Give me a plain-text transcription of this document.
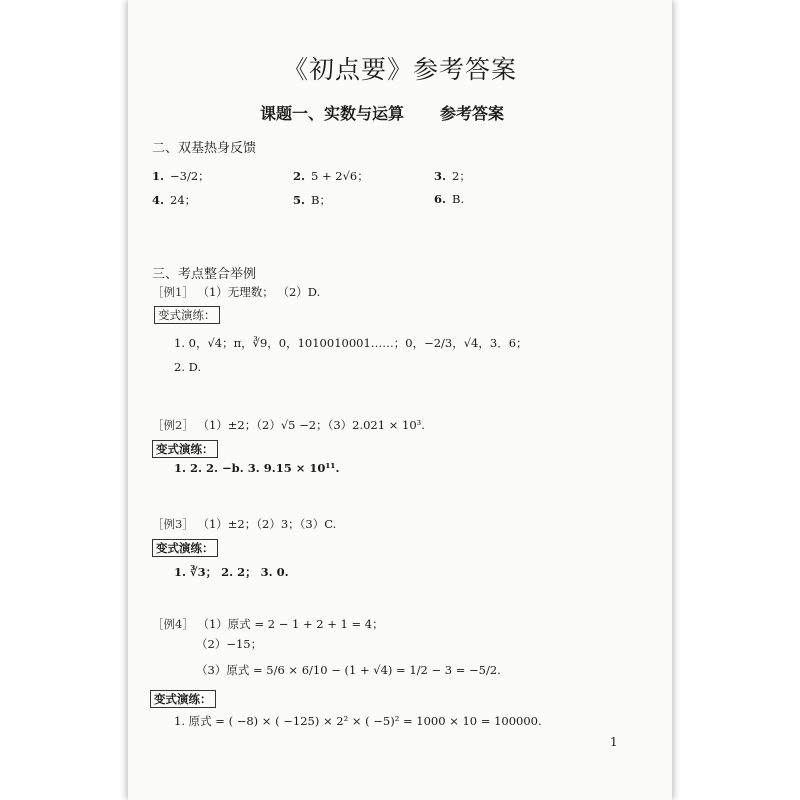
《初点要》参考答案
课题一、实数与运算 参考答案
二、双基热身反馈
1. −3/2；	2. 5 + 2√6；	3. 2；
4. 24；	5. B；	6. B.
三、考点整合举例
［例1］ （1）无理数； （2）D.
变式演练：
1. 0，√4；π，∛9，0，1010010001……；0，−2/3，√4，3．6；
2. D.
［例2］ （1）±2；（2）√5 −2；（3）2.021 × 10³.
变式演练：
1. 2. 2. −b. 3. 9.15 × 10¹¹.
［例3］ （1）±2；（2）3；（3）C.
变式演练：
1. ∛3； 2. 2； 3. 0.
［例4］ （1）原式 = 2 − 1 + 2 + 1 = 4；
（2）−15；
（3）原式 = 5/6 × 6/10 − (1 + √4) = 1/2 − 3 = −5/2.
变式演练：
1. 原式 = ( −8) × ( −125) × 2² × ( −5)² = 1000 × 10 = 100000.
1
